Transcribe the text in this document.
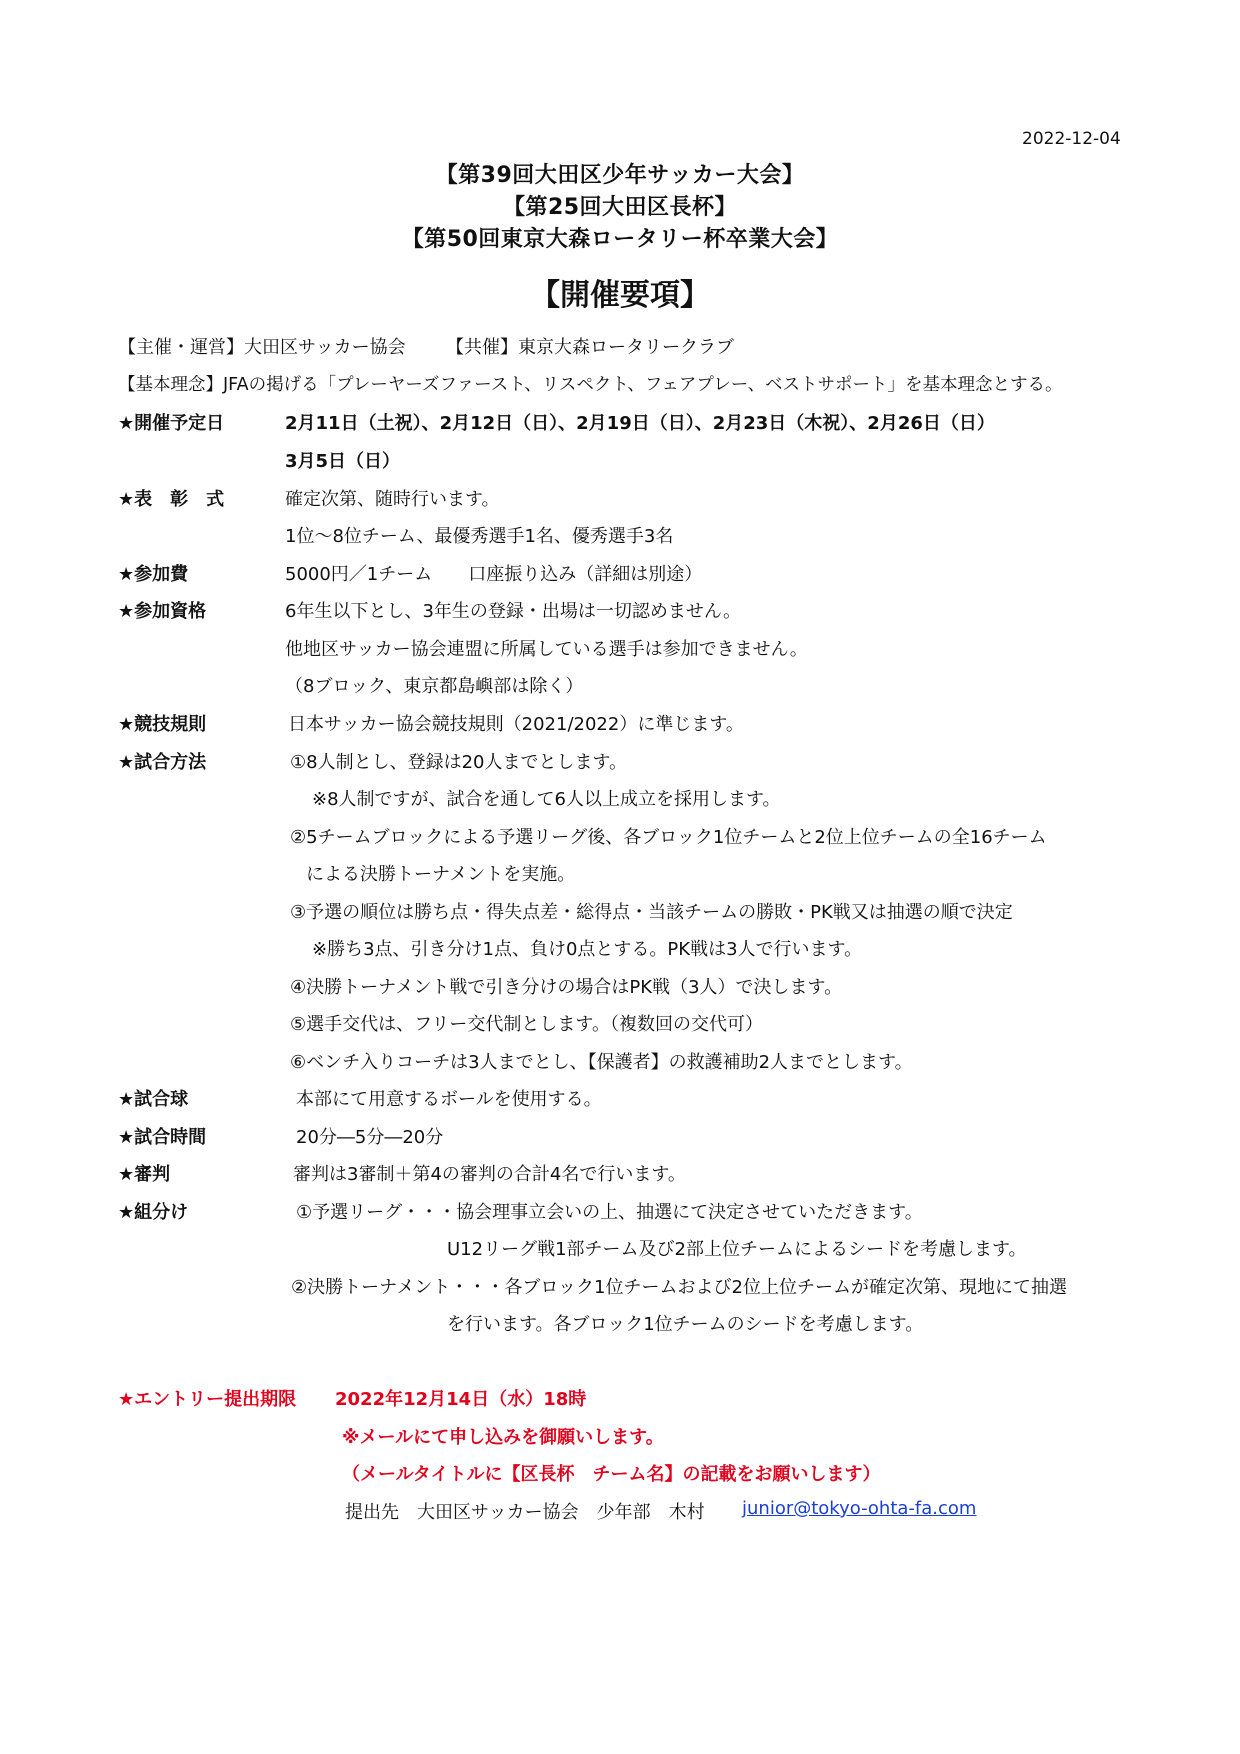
2022-12-04
【第39回大田区少年サッカー大会】
【第25回大田区長杯】
【第50回東京大森ロータリー杯卒業大会】
【開催要項】
【主催・運営】大田区サッカー協会 【共催】東京大森ロータリークラブ
【基本理念】JFAの掲げる「プレーヤーズファースト、リスペクト、フェアプレー、ベストサポート」を基本理念とする。
★開催予定日	2月11日（土祝）、2月12日（日）、2月19日（日）、2月23日（木祝）、2月26日（日）
3月5日（日）
★表　彰　式	確定次第、随時行います。
1位～8位チーム、最優秀選手1名、優秀選手3名
★参加費	5000円／1チーム　　口座振り込み（詳細は別途）
★参加資格	6年生以下とし、3年生の登録・出場は一切認めません。
他地区サッカー協会連盟に所属している選手は参加できません。
（8ブロック、東京都島嶼部は除く）
★競技規則	日本サッカー協会競技規則（2021/2022）に準じます。
★試合方法	①8人制とし、登録は20人までとします。
※8人制ですが、試合を通して6人以上成立を採用します。
②5チームブロックによる予選リーグ後、各ブロック1位チームと2位上位チームの全16チーム
による決勝トーナメントを実施。
③予選の順位は勝ち点・得失点差・総得点・当該チームの勝敗・PK戦又は抽選の順で決定
※勝ち3点、引き分け1点、負け0点とする。PK戦は3人で行います。
④決勝トーナメント戦で引き分けの場合はPK戦（3人）で決します。
⑤選手交代は、フリー交代制とします。（複数回の交代可）
⑥ベンチ入りコーチは3人までとし、【保護者】の救護補助2人までとします。
★試合球	本部にて用意するボールを使用する。
★試合時間	20分―5分―20分
★審判	審判は3審制＋第4の審判の合計4名で行います。
★組分け	①予選リーグ・・・協会理事立会いの上、抽選にて決定させていただきます。
U12リーグ戦1部チーム及び2部上位チームによるシードを考慮します。
②決勝トーナメント・・・各ブロック1位チームおよび2位上位チームが確定次第、現地にて抽選
を行います。各ブロック1位チームのシードを考慮します。
★エントリー提出期限 2022年12月14日（水）18時
※メールにて申し込みを御願いします。
（メールタイトルに【区長杯　チーム名】の記載をお願いします）
提出先　大田区サッカー協会　少年部　木村 junior@tokyo-ohta-fa.com
